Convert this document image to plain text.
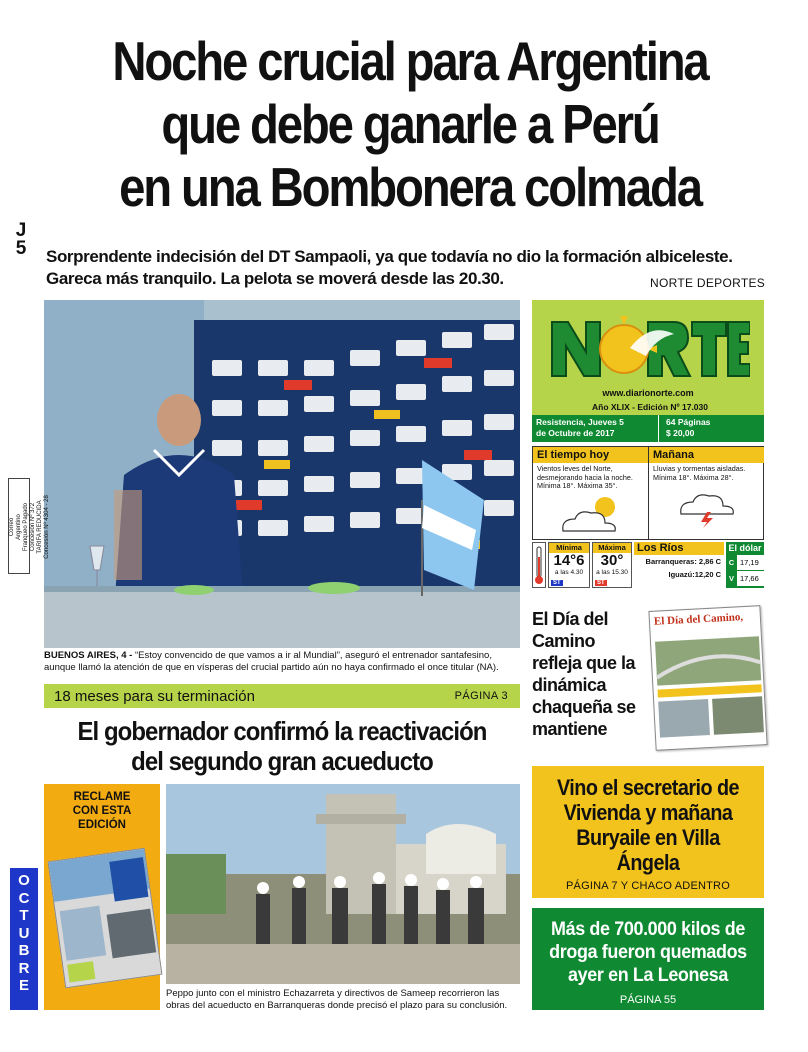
Noche crucial para Argentina
que debe ganarle a Perú
en una Bombonera colmada
J
5 Sorprendente indecisión del DT Sampaoli, ya que todavía no dio la formación albiceleste.
Gareca más tranquilo. La pelota se moverá desde las 20.30.	NORTE DEPORTES
BUENOS AIRES, 4 - “Estoy convencido de que vamos a ir al Mundial”, aseguró el entrenador santafesino, aunque llamó la atención de que en vísperas del crucial partido aún no haya confirmado el once titular (NA).
18 meses para su terminación	PÁGINA 3
El gobernador confirmó la reactivación
del segundo gran acueducto
RECLAME
CON ESTA
EDICIÓN
O
C
T
U
B
R
E
Correo
Argentino
Franqueo Pagado
Concesión Nº 372
TARIFA REDUCIDA
Concesión Nº 4304 - 28
Peppo junto con el ministro Echazarreta y directivos de Sameep recorrieron las obras del acueducto en Barranqueras donde precisó el plazo para su conclusión.
www.diarionorte.com
Año XLIX - Edición Nº 17.030
Resistencia, Jueves 5
de Octubre de 2017
64 Páginas
$ 20,00
El tiempo hoy
Vientos leves del Norte, desmejorando hacia la noche. Mínima 18°. Máxima 35°.
Mañana
Lluvias y tormentas aisladas. Mínima 18°. Máxima 28°.
Mínima
14°6
a las 4.30
ST
Máxima
30°
a las 15.30
ST
Los Ríos
Barranqueras: 2,86 C
Iguazú:12,20 C
El dólar
C 17,19
V 17,66
El Día del Camino refleja que la dinámica chaqueña se mantiene
El Día del Camino,
Vino el secretario de Vivienda y mañana Buryaile en Villa Ángela
PÁGINA 7 Y CHACO ADENTRO
Más de 700.000 kilos de droga fueron quemados ayer en La Leonesa
PÁGINA 55
